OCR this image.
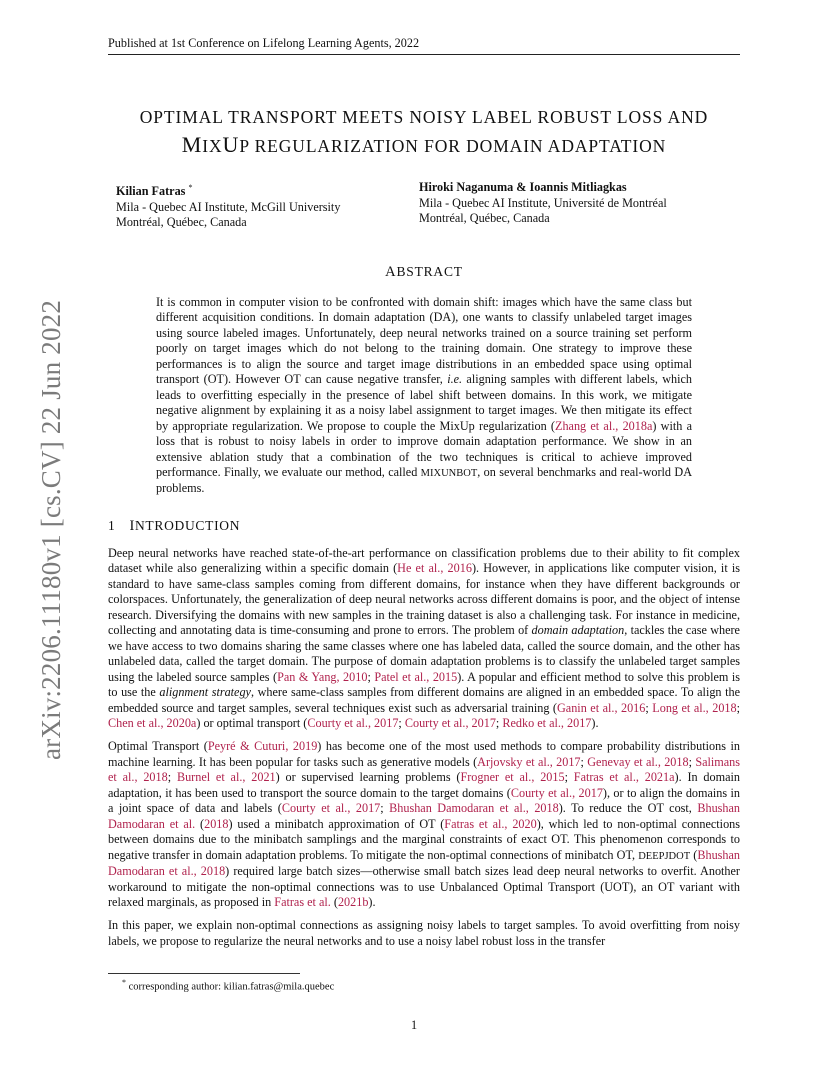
Published at 1st Conference on Lifelong Learning Agents, 2022
arXiv:2206.11180v1 [cs.CV] 22 Jun 2022
OPTIMAL TRANSPORT MEETS NOISY LABEL ROBUST LOSS AND
MIXUP REGULARIZATION FOR DOMAIN ADAPTATION
Kilian Fatras *
Mila - Quebec AI Institute, McGill University
Montréal, Québec, Canada
Hiroki Naganuma & Ioannis Mitliagkas
Mila - Quebec AI Institute, Université de Montréal
Montréal, Québec, Canada
ABSTRACT

It is common in computer vision to be confronted with domain shift: images which have the same class but different acquisition conditions. In domain adaptation (DA), one wants to classify unlabeled target images using source labeled images. Unfortunately, deep neural networks trained on a source training set perform poorly on target images which do not belong to the training domain. One strategy to improve these performances is to align the source and target image distributions in an embedded space using optimal transport (OT). However OT can cause negative transfer, i.e. aligning samples with different labels, which leads to overfitting especially in the presence of label shift between domains. In this work, we mitigate negative alignment by explaining it as a noisy label assignment to target images. We then mitigate its effect by appropriate regularization. We propose to couple the MixUp regularization (Zhang et al., 2018a) with a loss that is robust to noisy labels in order to improve domain adaptation performance. We show in an extensive ablation study that a combination of the two techniques is critical to achieve improved performance. Finally, we evaluate our method, called MIXUNBOT, on several benchmarks and real-world DA problems.

1 INTRODUCTION

Deep neural networks have reached state-of-the-art performance on classification problems due to their ability to fit complex dataset while also generalizing within a specific domain (He et al., 2016). However, in applications like computer vision, it is standard to have same-class samples coming from different domains, for instance when they have different backgrounds or colorspaces. Unfortunately, the generalization of deep neural networks across different domains is poor, and the object of intense research. Diversifying the domains with new samples in the training dataset is also a challenging task. For instance in medicine, collecting and annotating data is time-consuming and prone to errors. The problem of domain adaptation, tackles the case where we have access to two domains sharing the same classes where one has labeled data, called the source domain, and the other has unlabeled data, called the target domain. The purpose of domain adaptation problems is to classify the unlabeled target samples using the labeled source samples (Pan & Yang, 2010; Patel et al., 2015). A popular and efficient method to solve this problem is to use the alignment strategy, where same-class samples from different domains are aligned in an embedded space. To align the embedded source and target samples, several techniques exist such as adversarial training (Ganin et al., 2016; Long et al., 2018; Chen et al., 2020a) or optimal transport (Courty et al., 2017; Courty et al., 2017; Redko et al., 2017).

Optimal Transport (Peyré & Cuturi, 2019) has become one of the most used methods to compare probability distributions in machine learning. It has been popular for tasks such as generative models (Arjovsky et al., 2017; Genevay et al., 2018; Salimans et al., 2018; Burnel et al., 2021) or supervised learning problems (Frogner et al., 2015; Fatras et al., 2021a). In domain adaptation, it has been used to transport the source domain to the target domains (Courty et al., 2017), or to align the domains in a joint space of data and labels (Courty et al., 2017; Bhushan Damodaran et al., 2018). To reduce the OT cost, Bhushan Damodaran et al. (2018) used a minibatch approximation of OT (Fatras et al., 2020), which led to non-optimal connections between domains due to the minibatch samplings and the marginal constraints of exact OT. This phenomenon corresponds to negative transfer in domain adaptation problems. To mitigate the non-optimal connections of minibatch OT, DEEPJDOT (Bhushan Damodaran et al., 2018) required large batch sizes—otherwise small batch sizes lead deep neural networks to overfit. Another workaround to mitigate the non-optimal connections was to use Unbalanced Optimal Transport (UOT), an OT variant with relaxed marginals, as proposed in Fatras et al. (2021b).

In this paper, we explain non-optimal connections as assigning noisy labels to target samples. To avoid overfitting from noisy labels, we propose to regularize the neural networks and to use a noisy label robust loss in the transfer

* corresponding author: kilian.fatras@mila.quebec
1
